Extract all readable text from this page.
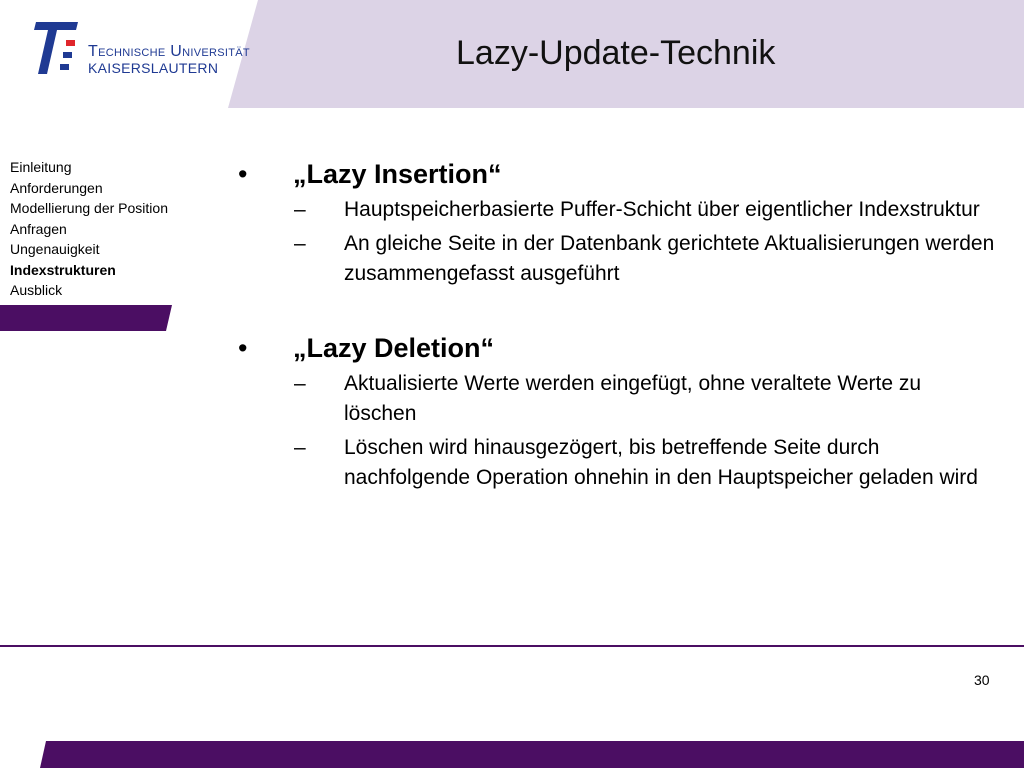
Technische Universität
KAISERSLAUTERN	Lazy-Update-Technik
Einleitung
Anforderungen
Modellierung der Position
Anfragen
Ungenauigkeit
Indexstrukturen
Ausblick
•	„Lazy Insertion“
– Hauptspeicherbasierte Puffer-Schicht über eigentlicher Indexstruktur
– An gleiche Seite in der Datenbank gerichtete Aktualisierungen werden zusammengefasst ausgeführt
•	„Lazy Deletion“
– Aktualisierte Werte werden eingefügt, ohne veraltete Werte zu löschen
– Löschen wird hinausgezögert, bis betreffende Seite durch nachfolgende Operation ohnehin in den Hauptspeicher geladen wird
30
